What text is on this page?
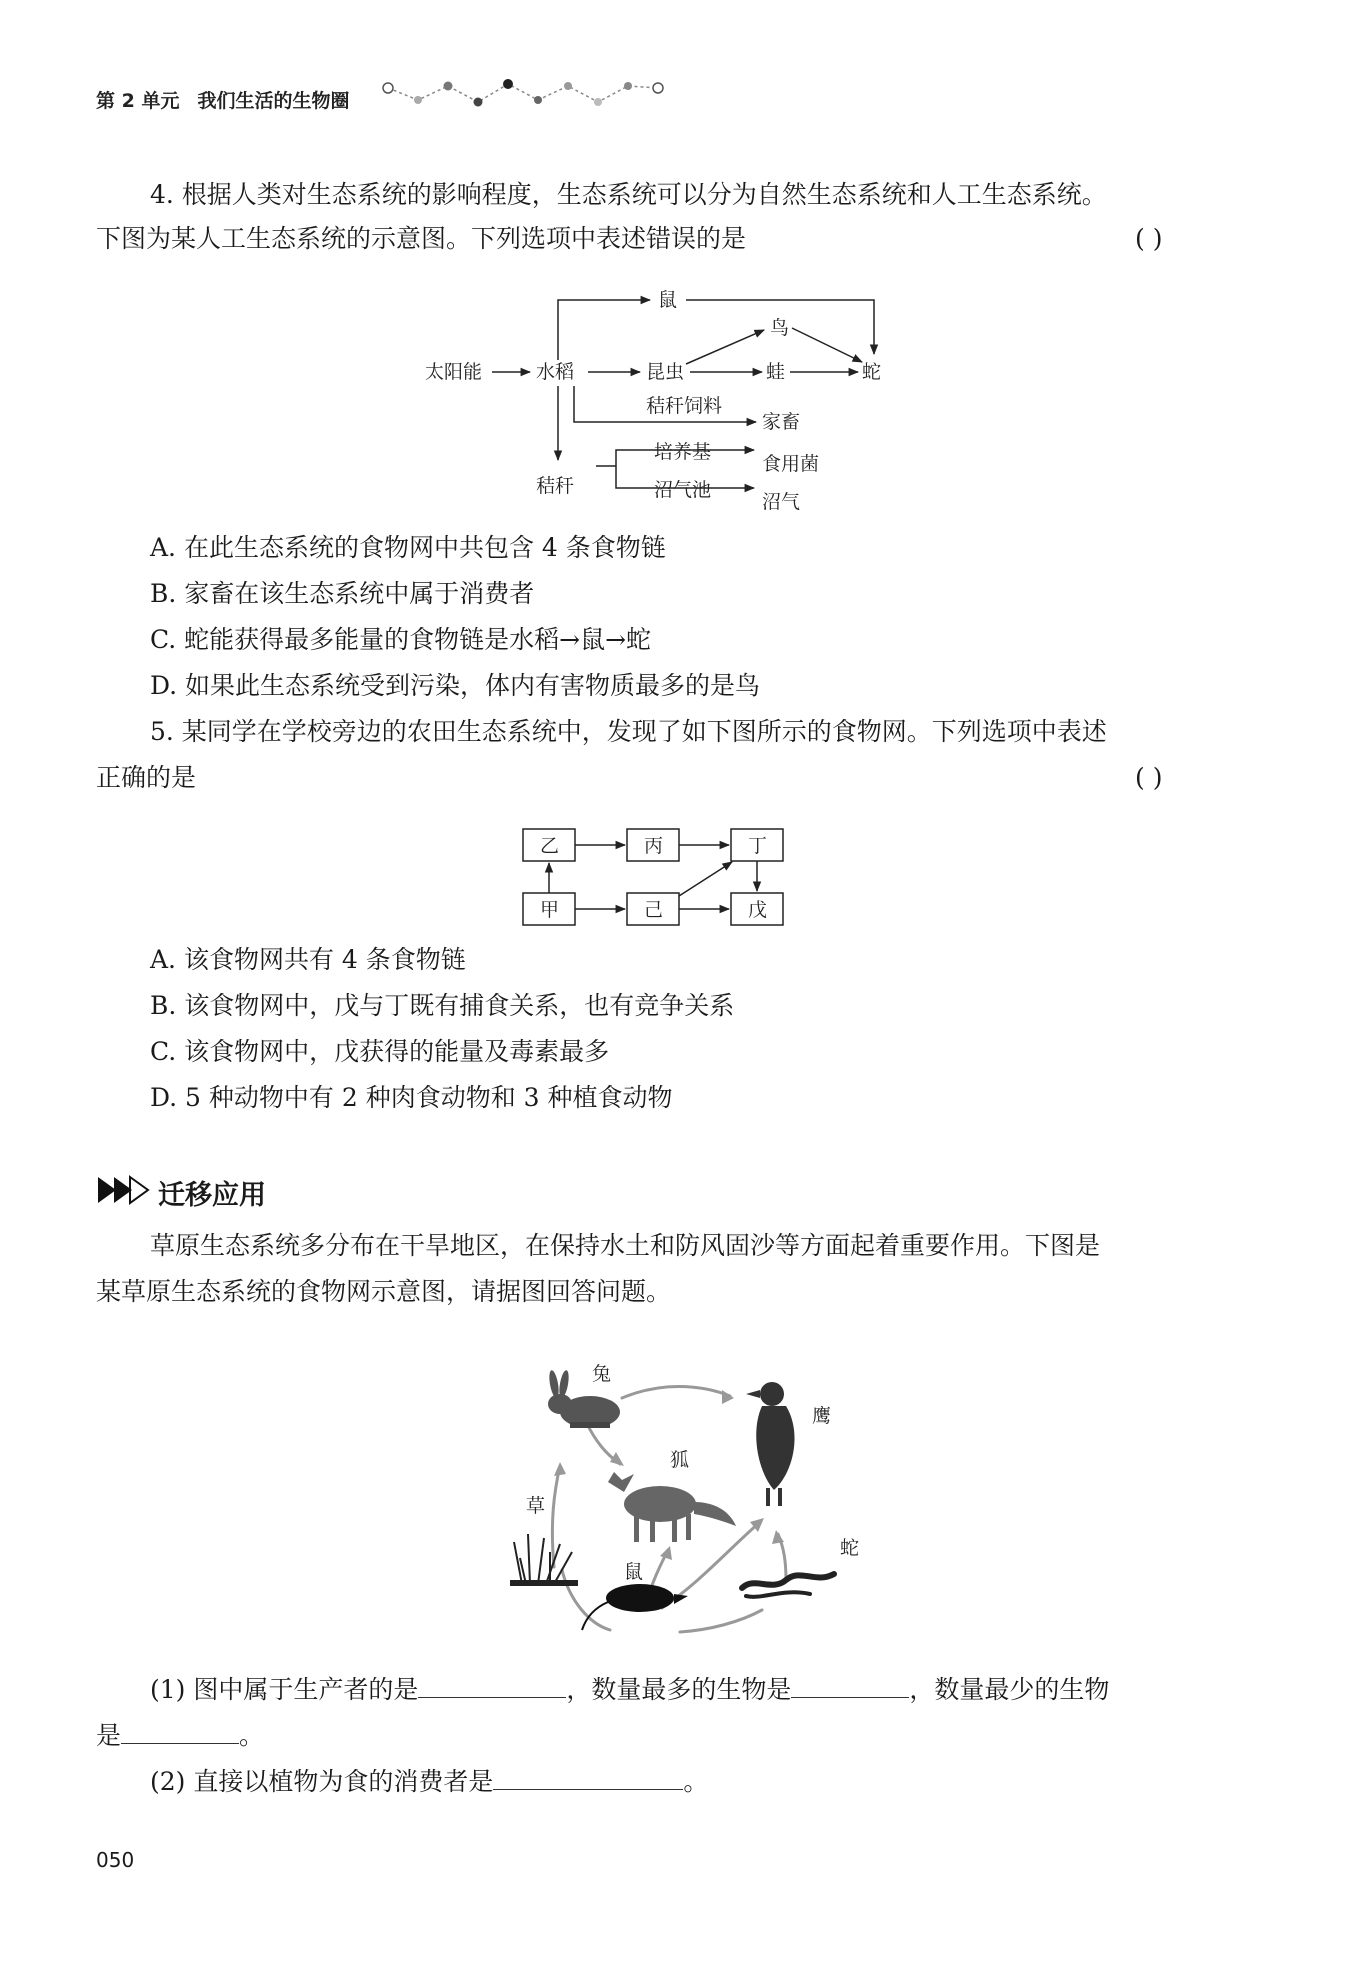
第 2 单元 我们生活的生物圈
4. 根据人类对生态系统的影响程度，生态系统可以分为自然生态系统和人工生态系统。
下图为某人工生态系统的示意图。下列选项中表述错误的是	( )
太阳能	水稻
鼠
鸟
昆虫	蛙	蛇
秸秆饲料
家畜
秸秆
培养基
食用菌
沼气池
沼气
A. 在此生态系统的食物网中共包含 4 条食物链
B. 家畜在该生态系统中属于消费者
C. 蛇能获得最多能量的食物链是水稻→鼠→蛇
D. 如果此生态系统受到污染，体内有害物质最多的是鸟
5. 某同学在学校旁边的农田生态系统中，发现了如下图所示的食物网。下列选项中表述
正确的是	( )
乙	丙	丁
甲	己	戊
A. 该食物网共有 4 条食物链
B. 该食物网中，戊与丁既有捕食关系，也有竞争关系
C. 该食物网中，戊获得的能量及毒素最多
D. 5 种动物中有 2 种肉食动物和 3 种植食动物
迁移应用
草原生态系统多分布在干旱地区，在保持水土和防风固沙等方面起着重要作用。下图是
某草原生态系统的食物网示意图，请据图回答问题。
兔
鹰
狐
草
蛇
鼠
(1) 图中属于生产者的是	，数量最多的生物是	，数量最少的生物
是	。
(2) 直接以植物为食的消费者是	。
050
